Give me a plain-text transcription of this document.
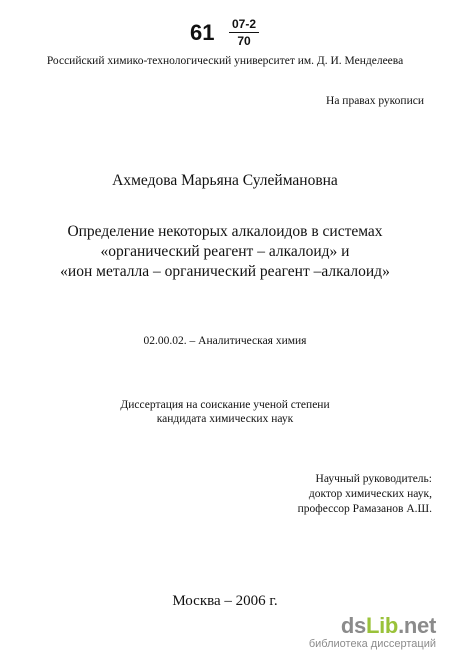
61 07-2
70
Российский химико-технологический университет им. Д. И. Менделеева
На правах рукописи
Ахмедова Марьяна Сулеймановна
Определение некоторых алкалоидов в системах
«органический реагент – алкалоид» и
«ион металла – органический реагент –алкалоид»
02.00.02. – Аналитическая химия
Диссертация на соискание ученой степени
кандидата химических наук
Научный руководитель:
доктор химических наук,
профессор Рамазанов А.Ш.
Москва – 2006 г.
dsLib.net
библиотека диссертаций
